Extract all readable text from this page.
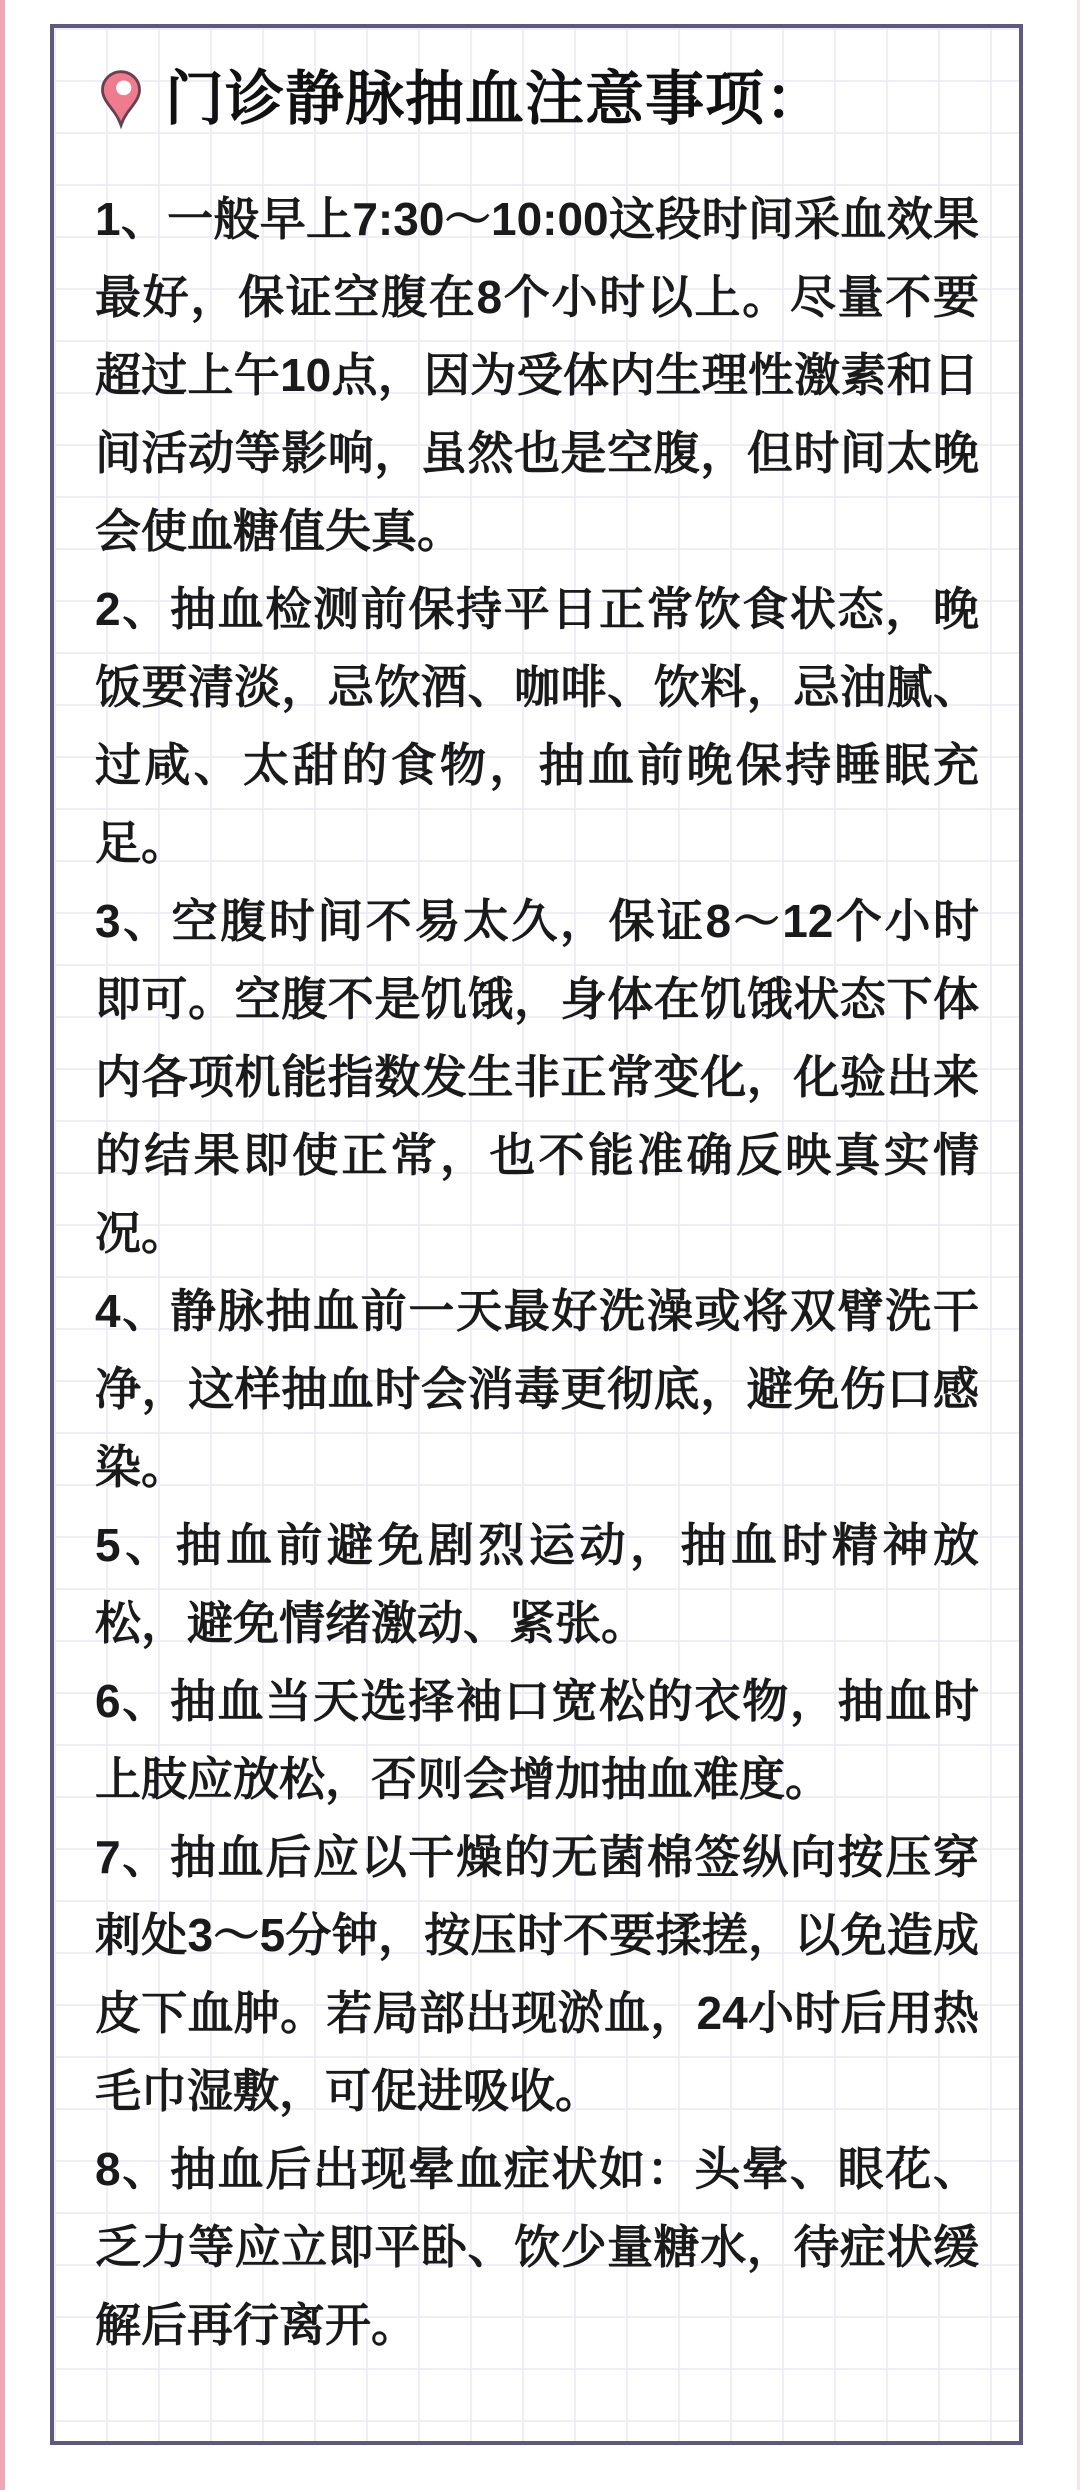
门诊静脉抽血注意事项：

1、一般早上7:30～10:00这段时间采血效果最好，保证空腹在8个小时以上。尽量不要超过上午10点，因为受体内生理性激素和日间活动等影响，虽然也是空腹，但时间太晚会使血糖值失真。

2、抽血检测前保持平日正常饮食状态，晚饭要清淡，忌饮酒、咖啡、饮料，忌油腻、过咸、太甜的食物，抽血前晚保持睡眠充足。

3、空腹时间不易太久，保证8～12个小时即可。空腹不是饥饿，身体在饥饿状态下体内各项机能指数发生非正常变化，化验出来的结果即使正常，也不能准确反映真实情况。

4、静脉抽血前一天最好洗澡或将双臂洗干净，这样抽血时会消毒更彻底，避免伤口感染。

5、抽血前避免剧烈运动，抽血时精神放松，避免情绪激动、紧张。

6、抽血当天选择袖口宽松的衣物，抽血时上肢应放松，否则会增加抽血难度。

7、抽血后应以干燥的无菌棉签纵向按压穿刺处3～5分钟，按压时不要揉搓，以免造成皮下血肿。若局部出现淤血，24小时后用热毛巾湿敷，可促进吸收。

8、抽血后出现晕血症状如：头晕、眼花、乏力等应立即平卧、饮少量糖水，待症状缓解后再行离开。
